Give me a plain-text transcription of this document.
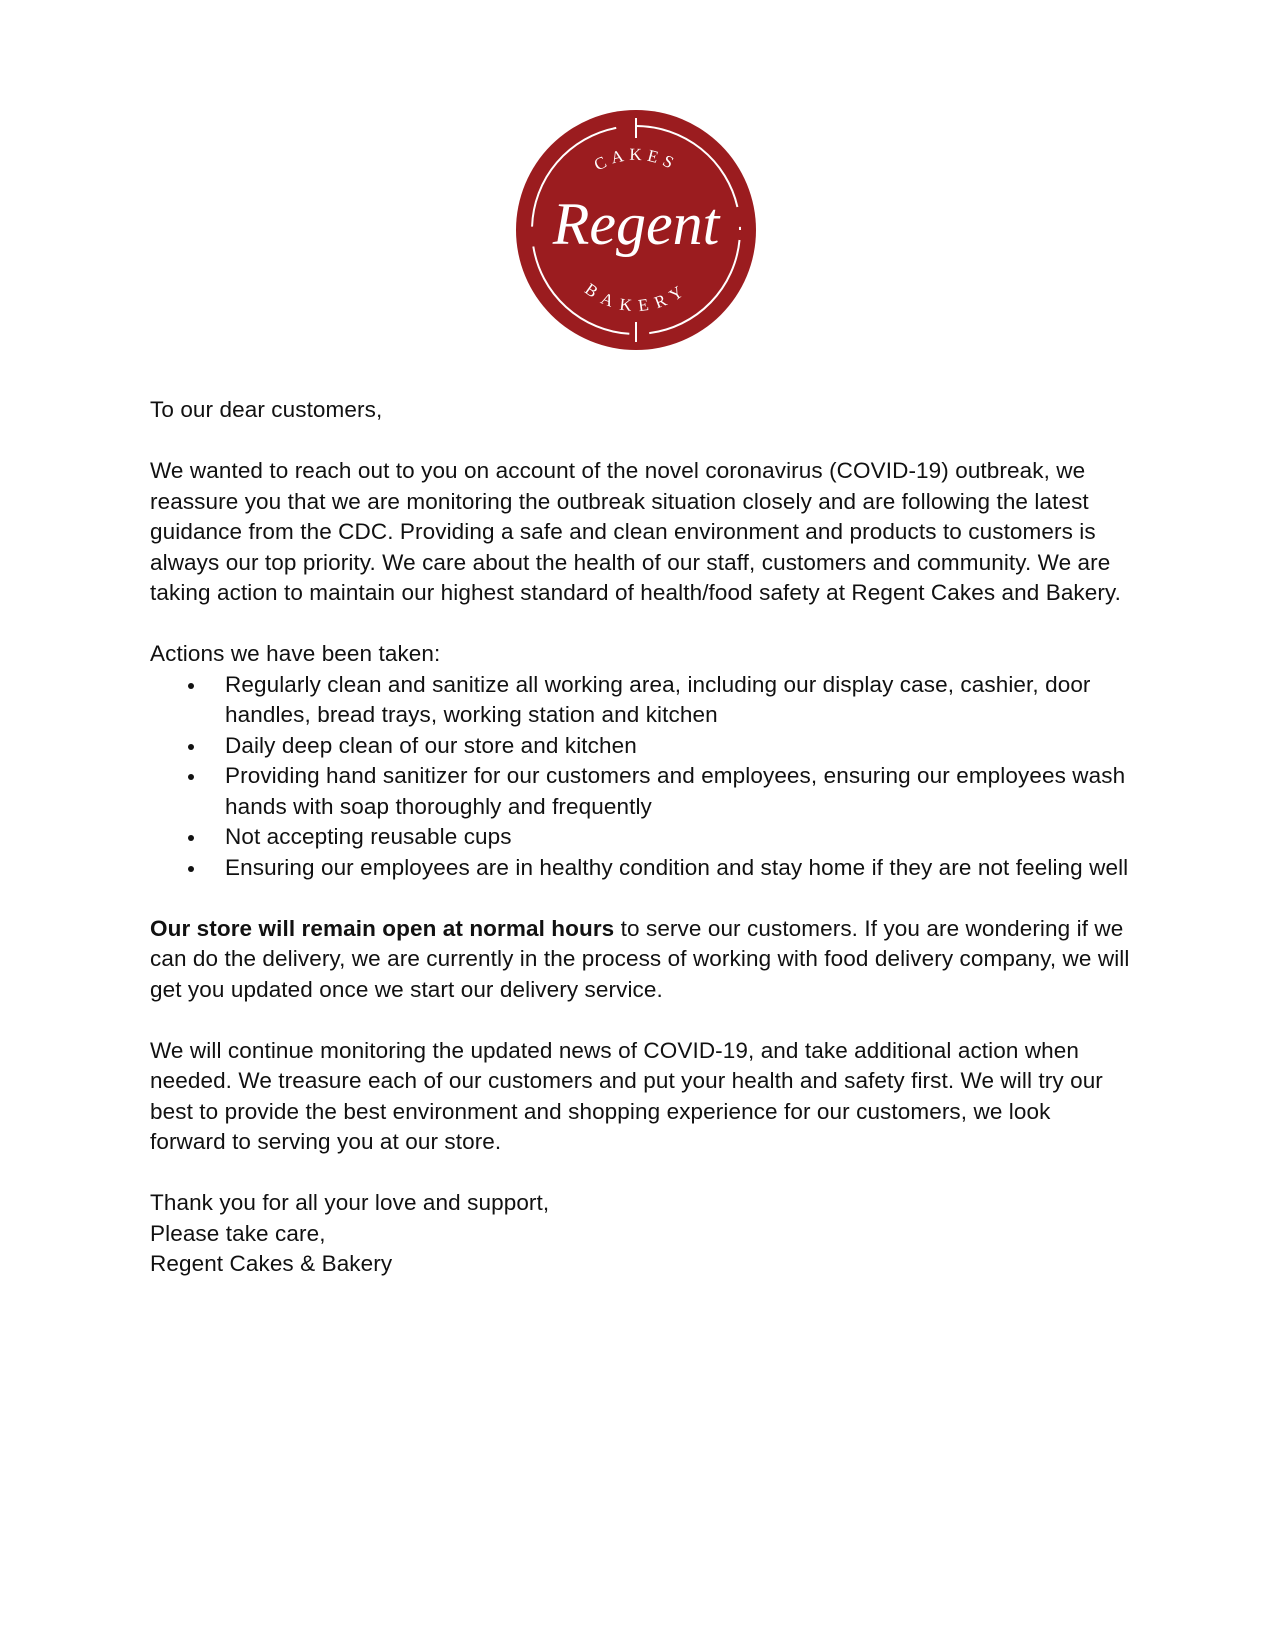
CAKES
Regent
BAKERY

To our dear customers,

We wanted to reach out to you on account of the novel coronavirus (COVID-19) outbreak, we reassure you that we are monitoring the outbreak situation closely and are following the latest guidance from the CDC. Providing a safe and clean environment and products to customers is always our top priority. We care about the health of our staff, customers and community. We are taking action to maintain our highest standard of health/food safety at Regent Cakes and Bakery.

Actions we have been taken:

Regularly clean and sanitize all working area, including our display case, cashier, door handles, bread trays, working station and kitchen
Daily deep clean of our store and kitchen
Providing hand sanitizer for our customers and employees, ensuring our employees wash hands with soap thoroughly and frequently
Not accepting reusable cups
Ensuring our employees are in healthy condition and stay home if they are not feeling well

Our store will remain open at normal hours to serve our customers. If you are wondering if we can do the delivery, we are currently in the process of working with food delivery company, we will get you updated once we start our delivery service.

We will continue monitoring the updated news of COVID-19, and take additional action when needed. We treasure each of our customers and put your health and safety first. We will try our best to provide the best environment and shopping experience for our customers, we look forward to serving you at our store.

Thank you for all your love and support,

Please take care,

Regent Cakes & Bakery
